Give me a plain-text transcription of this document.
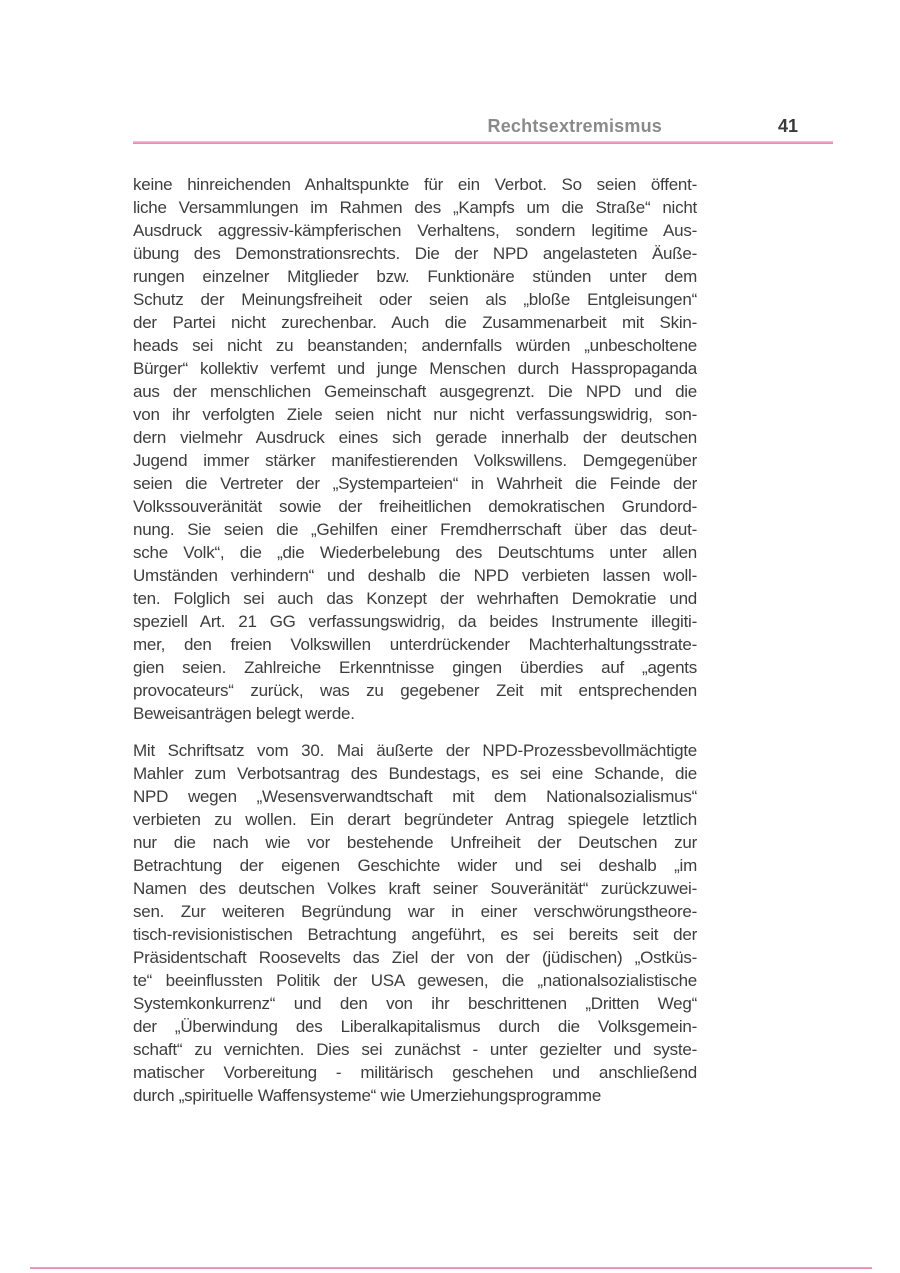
Rechtsextremismus	41
keine hinreichenden Anhaltspunkte für ein Verbot. So seien öffent-
liche Versammlungen im Rahmen des „Kampfs um die Straße“ nicht
Ausdruck aggressiv-kämpferischen Verhaltens, sondern legitime Aus-
übung des Demonstrationsrechts. Die der NPD angelasteten Äuße-
rungen einzelner Mitglieder bzw. Funktionäre stünden unter dem
Schutz der Meinungsfreiheit oder seien als „bloße Entgleisungen“
der Partei nicht zurechenbar. Auch die Zusammenarbeit mit Skin-
heads sei nicht zu beanstanden; andernfalls würden „unbescholtene
Bürger“ kollektiv verfemt und junge Menschen durch Hasspropaganda
aus der menschlichen Gemeinschaft ausgegrenzt. Die NPD und die
von ihr verfolgten Ziele seien nicht nur nicht verfassungswidrig, son-
dern vielmehr Ausdruck eines sich gerade innerhalb der deutschen
Jugend immer stärker manifestierenden Volkswillens. Demgegenüber
seien die Vertreter der „Systemparteien“ in Wahrheit die Feinde der
Volkssouveränität sowie der freiheitlichen demokratischen Grundord-
nung. Sie seien die „Gehilfen einer Fremdherrschaft über das deut-
sche Volk“, die „die Wiederbelebung des Deutschtums unter allen
Umständen verhindern“ und deshalb die NPD verbieten lassen woll-
ten. Folglich sei auch das Konzept der wehrhaften Demokratie und
speziell Art. 21 GG verfassungswidrig, da beides Instrumente illegiti-
mer, den freien Volkswillen unterdrückender Machterhaltungsstrate-
gien seien. Zahlreiche Erkenntnisse gingen überdies auf „agents
provocateurs“ zurück, was zu gegebener Zeit mit entsprechenden
Beweisanträgen belegt werde.
Mit Schriftsatz vom 30. Mai äußerte der NPD-Prozessbevollmächtigte
Mahler zum Verbotsantrag des Bundestags, es sei eine Schande, die
NPD wegen „Wesensverwandtschaft mit dem Nationalsozialismus“
verbieten zu wollen. Ein derart begründeter Antrag spiegele letztlich
nur die nach wie vor bestehende Unfreiheit der Deutschen zur
Betrachtung der eigenen Geschichte wider und sei deshalb „im
Namen des deutschen Volkes kraft seiner Souveränität“ zurückzuwei-
sen. Zur weiteren Begründung war in einer verschwörungstheore-
tisch-revisionistischen Betrachtung angeführt, es sei bereits seit der
Präsidentschaft Roosevelts das Ziel der von der (jüdischen) „Ostküs-
te“ beeinflussten Politik der USA gewesen, die „nationalsozialistische
Systemkonkurrenz“ und den von ihr beschrittenen „Dritten Weg“
der „Überwindung des Liberalkapitalismus durch die Volksgemein-
schaft“ zu vernichten. Dies sei zunächst - unter gezielter und syste-
matischer Vorbereitung - militärisch geschehen und anschließend
durch „spirituelle Waffensysteme“ wie Umerziehungsprogramme
